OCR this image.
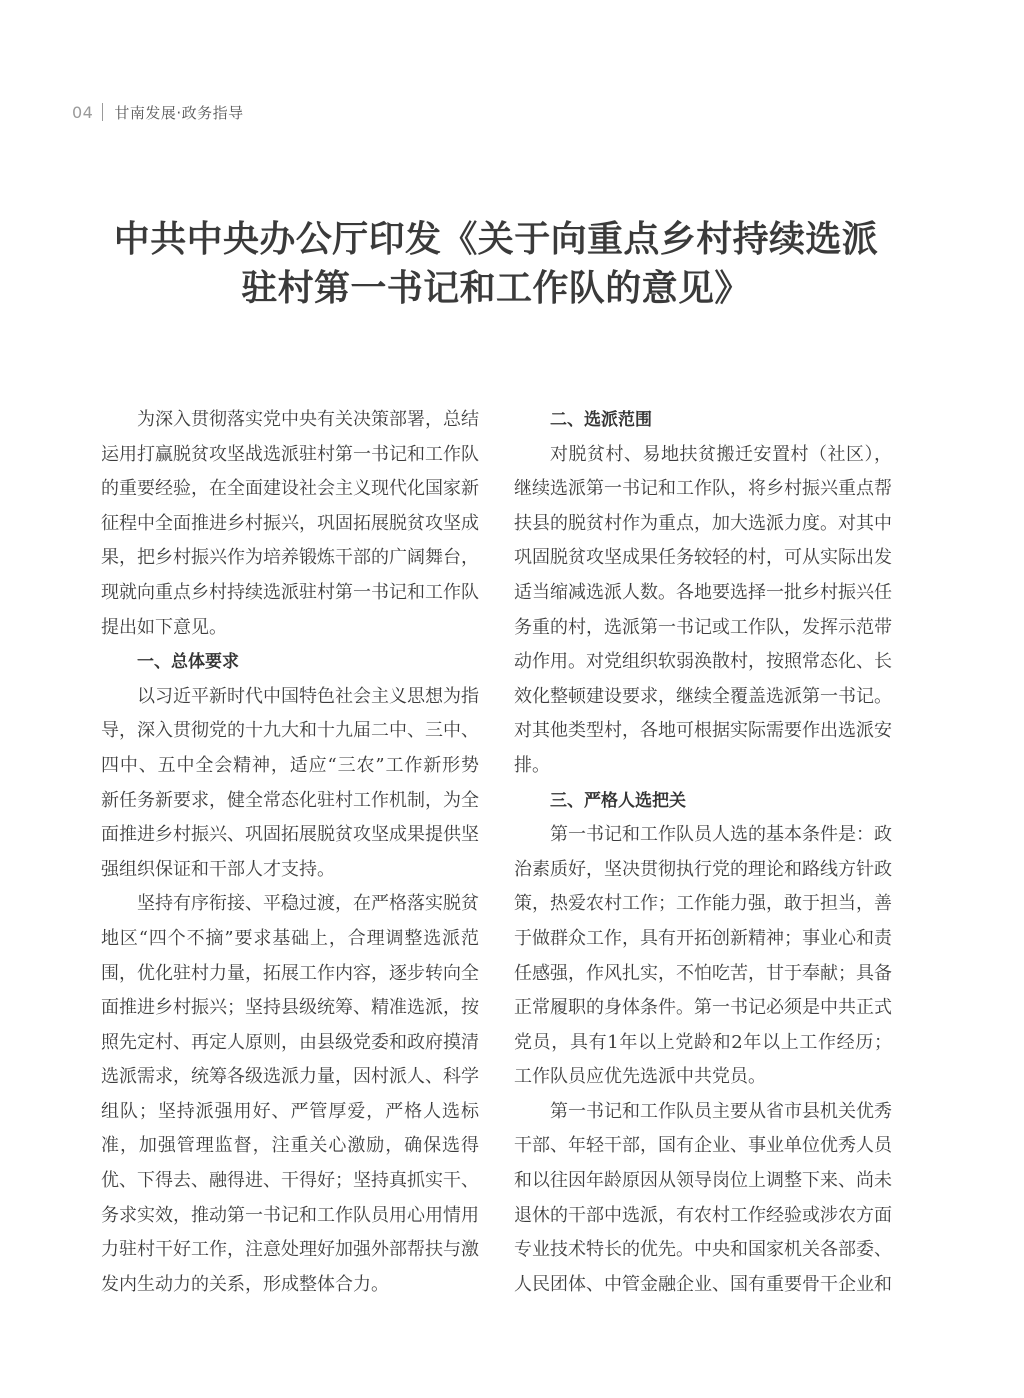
04 甘南发展·政务指导
中共中央办公厅印发《关于向重点乡村持续选派
驻村第一书记和工作队的意见》
为深入贯彻落实党中央有关决策部署，总结
运用打赢脱贫攻坚战选派驻村第一书记和工作队
的重要经验，在全面建设社会主义现代化国家新
征程中全面推进乡村振兴，巩固拓展脱贫攻坚成
果，把乡村振兴作为培养锻炼干部的广阔舞台，
现就向重点乡村持续选派驻村第一书记和工作队
提出如下意见。
一、总体要求
以习近平新时代中国特色社会主义思想为指
导，深入贯彻党的十九大和十九届二中、三中、
四中、五中全会精神，适应“三农”工作新形势
新任务新要求，健全常态化驻村工作机制，为全
面推进乡村振兴、巩固拓展脱贫攻坚成果提供坚
强组织保证和干部人才支持。
坚持有序衔接、平稳过渡，在严格落实脱贫
地区“四个不摘”要求基础上，合理调整选派范
围，优化驻村力量，拓展工作内容，逐步转向全
面推进乡村振兴；坚持县级统筹、精准选派，按
照先定村、再定人原则，由县级党委和政府摸清
选派需求，统筹各级选派力量，因村派人、科学
组队；坚持派强用好、严管厚爱，严格人选标
准，加强管理监督，注重关心激励，确保选得
优、下得去、融得进、干得好；坚持真抓实干、
务求实效，推动第一书记和工作队员用心用情用
力驻村干好工作，注意处理好加强外部帮扶与激
发内生动力的关系，形成整体合力。
二、选派范围
对脱贫村、易地扶贫搬迁安置村（社区），
继续选派第一书记和工作队，将乡村振兴重点帮
扶县的脱贫村作为重点，加大选派力度。对其中
巩固脱贫攻坚成果任务较轻的村，可从实际出发
适当缩减选派人数。各地要选择一批乡村振兴任
务重的村，选派第一书记或工作队，发挥示范带
动作用。对党组织软弱涣散村，按照常态化、长
效化整顿建设要求，继续全覆盖选派第一书记。
对其他类型村，各地可根据实际需要作出选派安
排。
三、严格人选把关
第一书记和工作队员人选的基本条件是：政
治素质好，坚决贯彻执行党的理论和路线方针政
策，热爱农村工作；工作能力强，敢于担当，善
于做群众工作，具有开拓创新精神；事业心和责
任感强，作风扎实，不怕吃苦，甘于奉献；具备
正常履职的身体条件。第一书记必须是中共正式
党员，具有1年以上党龄和2年以上工作经历；
工作队员应优先选派中共党员。
第一书记和工作队员主要从省市县机关优秀
干部、年轻干部，国有企业、事业单位优秀人员
和以往因年龄原因从领导岗位上调整下来、尚未
退休的干部中选派，有农村工作经验或涉农方面
专业技术特长的优先。中央和国家机关各部委、
人民团体、中管金融企业、国有重要骨干企业和
